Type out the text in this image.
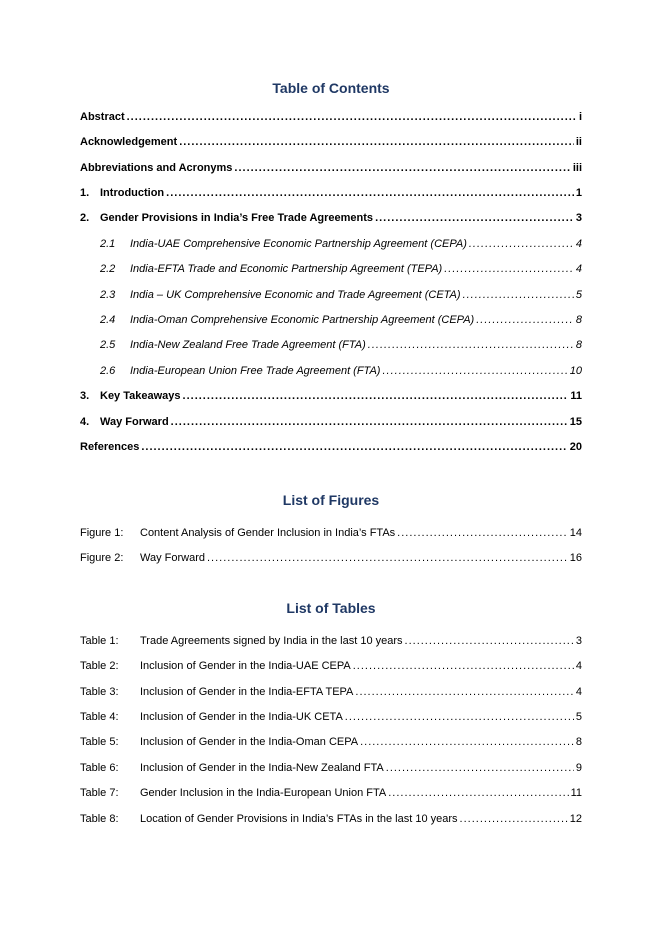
Table of Contents
Abstract .....	i
Acknowledgement .....	ii
Abbreviations and Acronyms .....	iii
1. Introduction .....	1
2. Gender Provisions in India’s Free Trade Agreements .....	3
2.1	India-UAE Comprehensive Economic Partnership Agreement (CEPA) .....	4
2.2	India-EFTA Trade and Economic Partnership Agreement (TEPA) .....	4
2.3	India – UK Comprehensive Economic and Trade Agreement (CETA) .....	5
2.4	India-Oman Comprehensive Economic Partnership Agreement (CEPA) .....	8
2.5	India-New Zealand Free Trade Agreement (FTA) .....	8
2.6	India-European Union Free Trade Agreement (FTA) .....	10
3. Key Takeaways .....	11
4. Way Forward .....	15
References .....	20
List of Figures
Figure 1:	Content Analysis of Gender Inclusion in India’s FTAs .....	14
Figure 2:	Way Forward .....	16
List of Tables
Table 1:	Trade Agreements signed by India in the last 10 years .....	3
Table 2:	Inclusion of Gender in the India-UAE CEPA .....	4
Table 3:	Inclusion of Gender in the India-EFTA TEPA .....	4
Table 4:	Inclusion of Gender in the India-UK CETA .....	5
Table 5:	Inclusion of Gender in the India-Oman CEPA .....	8
Table 6:	Inclusion of Gender in the India-New Zealand FTA .....	9
Table 7:	Gender Inclusion in the India-European Union FTA .....	11
Table 8:	Location of Gender Provisions in India’s FTAs in the last 10 years .....	12
